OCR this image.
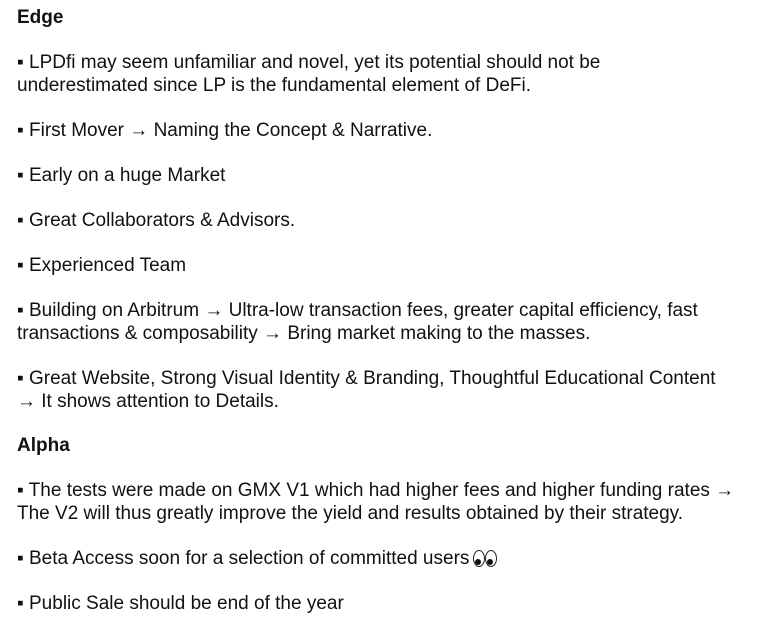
Edge

▪ LPDfi may seem unfamiliar and novel, yet its potential should not be
underestimated since LP is the fundamental element of DeFi.

▪ First Mover → Naming the Concept & Narrative.

▪ Early on a huge Market

▪ Great Collaborators & Advisors.

▪ Experienced Team

▪ Building on Arbitrum → Ultra-low transaction fees, greater capital efficiency, fast
transactions & composability → Bring market making to the masses.

▪ Great Website, Strong Visual Identity & Branding, Thoughtful Educational Content
→ It shows attention to Details.

Alpha

▪ The tests were made on GMX V1 which had higher fees and higher funding rates →
The V2 will thus greatly improve the yield and results obtained by their strategy.

▪ Beta Access soon for a selection of committed users

▪ Public Sale should be end of the year
